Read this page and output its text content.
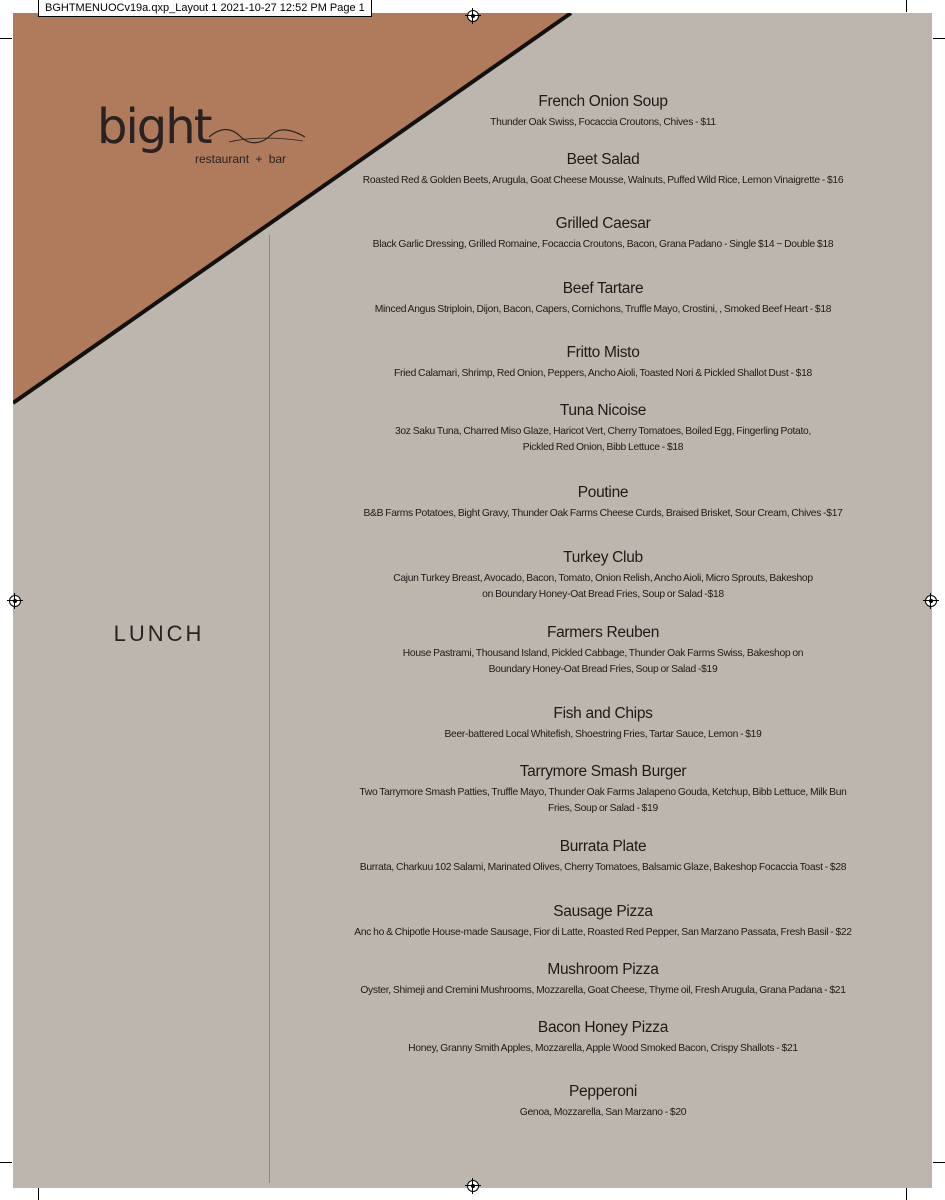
BGHTMENUOCv19a.qxp_Layout 1 2021-10-27 12:52 PM Page 1
bight
restaurant + bar
LUNCH
French Onion Soup
Thunder Oak Swiss, Focaccia Croutons, Chives - $11
Beet Salad
Roasted Red & Golden Beets, Arugula, Goat Cheese Mousse, Walnuts, Puffed Wild Rice, Lemon Vinaigrette - $16
Grilled Caesar
Black Garlic Dressing, Grilled Romaine, Focaccia Croutons, Bacon, Grana Padano - Single $14 ~ Double $18
Beef Tartare
Minced Angus Striploin, Dijon, Bacon, Capers, Cornichons, Truffle Mayo, Crostini, , Smoked Beef Heart - $18
Fritto Misto
Fried Calamari, Shrimp, Red Onion, Peppers, Ancho Aioli, Toasted Nori & Pickled Shallot Dust - $18
Tuna Nicoise
3oz Saku Tuna, Charred Miso Glaze, Haricot Vert, Cherry Tomatoes, Boiled Egg, Fingerling Potato,
Pickled Red Onion, Bibb Lettuce - $18
Poutine
B&B Farms Potatoes, Bight Gravy, Thunder Oak Farms Cheese Curds, Braised Brisket, Sour Cream, Chives -$17
Turkey Club
Cajun Turkey Breast, Avocado, Bacon, Tomato, Onion Relish, Ancho Aioli, Micro Sprouts, Bakeshop
on Boundary Honey-Oat Bread Fries, Soup or Salad -$18
Farmers Reuben
House Pastrami, Thousand Island, Pickled Cabbage, Thunder Oak Farms Swiss, Bakeshop on
Boundary Honey-Oat Bread Fries, Soup or Salad -$19
Fish and Chips
Beer-battered Local Whitefish, Shoestring Fries, Tartar Sauce, Lemon - $19
Tarrymore Smash Burger
Two Tarrymore Smash Patties, Truffle Mayo, Thunder Oak Farms Jalapeno Gouda, Ketchup, Bibb Lettuce, Milk Bun
Fries, Soup or Salad - $19
Burrata Plate
Burrata, Charkuu 102 Salami, Marinated Olives, Cherry Tomatoes, Balsamic Glaze, Bakeshop Focaccia Toast - $28
Sausage Pizza
Anc ho & Chipotle House-made Sausage, Fior di Latte, Roasted Red Pepper, San Marzano Passata, Fresh Basil - $22
Mushroom Pizza
Oyster, Shimeji and Cremini Mushrooms, Mozzarella, Goat Cheese, Thyme oil, Fresh Arugula, Grana Padana - $21
Bacon Honey Pizza
Honey, Granny Smith Apples, Mozzarella, Apple Wood Smoked Bacon, Crispy Shallots - $21
Pepperoni
Genoa, Mozzarella, San Marzano - $20
